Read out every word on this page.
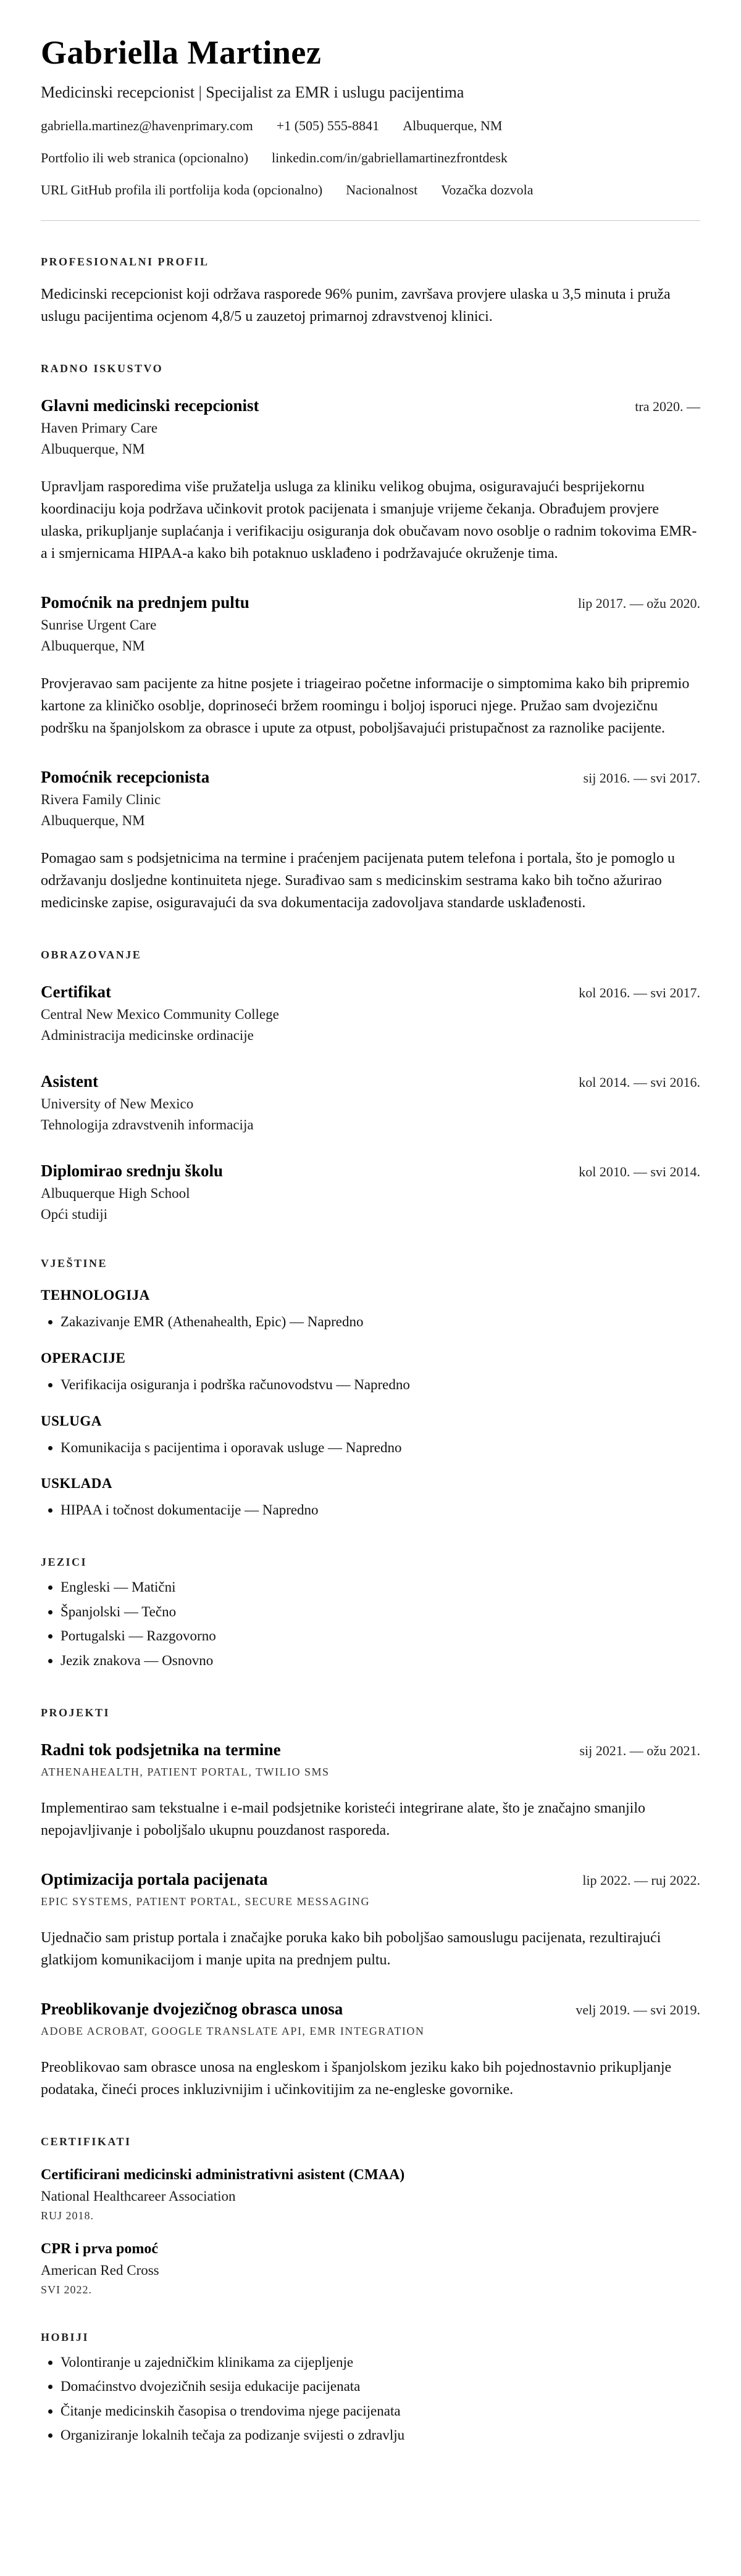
Gabriella Martinez

Medicinski recepcionist | Specijalist za EMR i uslugu pacijentima

gabriella.martinez@havenprimary.com +1 (505) 555-8841 Albuquerque, NM
Portfolio ili web stranica (opcionalno) linkedin.com/in/gabriellamartinezfrontdesk
URL GitHub profila ili portfolija koda (opcionalno) Nacionalnost Vozačka dozvola
PROFESIONALNI PROFIL

Medicinski recepcionist koji održava rasporede 96% punim, završava provjere ulaska u 3,5 minuta i pruža uslugu pacijentima ocjenom 4,8/5 u zauzetoj primarnoj zdravstvenoj klinici.

RADNO ISKUSTVO
Glavni medicinski recepcionist	tra 2020. —

Haven Primary Care

Albuquerque, NM

Upravljam rasporedima više pružatelja usluga za kliniku velikog obujma, osiguravajući besprijekornu koordinaciju koja podržava učinkovit protok pacijenata i smanjuje vrijeme čekanja. Obrađujem provjere ulaska, prikupljanje suplaćanja i verifikaciju osiguranja dok obučavam novo osoblje o radnim tokovima EMR-a i smjernicama HIPAA-a kako bih potaknuo usklađeno i podržavajuće okruženje tima.

Pomoćnik na prednjem pultu	lip 2017. — ožu 2020.

Sunrise Urgent Care

Albuquerque, NM

Provjeravao sam pacijente za hitne posjete i triageirao početne informacije o simptomima kako bih pripremio kartone za kliničko osoblje, doprinoseći bržem roomingu i boljoj isporuci njege. Pružao sam dvojezičnu podršku na španjolskom za obrasce i upute za otpust, poboljšavajući pristupačnost za raznolike pacijente.

Pomoćnik recepcionista	sij 2016. — svi 2017.

Rivera Family Clinic

Albuquerque, NM

Pomagao sam s podsjetnicima na termine i praćenjem pacijenata putem telefona i portala, što je pomoglo u održavanju dosljedne kontinuiteta njege. Surađivao sam s medicinskim sestrama kako bih točno ažurirao medicinske zapise, osiguravajući da sva dokumentacija zadovoljava standarde usklađenosti.

OBRAZOVANJE
Certifikat	kol 2016. — svi 2017.

Central New Mexico Community College

Administracija medicinske ordinacije

Asistent	kol 2014. — svi 2016.

University of New Mexico

Tehnologija zdravstvenih informacija

Diplomirao srednju školu	kol 2010. — svi 2014.

Albuquerque High School

Opći studiji

VJEŠTINE
TEHNOLOGIJA
• Zakazivanje EMR (Athenahealth, Epic) — Napredno
OPERACIJE
• Verifikacija osiguranja i podrška računovodstvu — Napredno
USLUGA
• Komunikacija s pacijentima i oporavak usluge — Napredno
USKLADA
• HIPAA i točnost dokumentacije — Napredno
JEZICI
• Engleski — Matični
• Španjolski — Tečno
• Portugalski — Razgovorno
• Jezik znakova — Osnovno
PROJEKTI
Radni tok podsjetnika na termine	sij 2021. — ožu 2021.

ATHENAHEALTH, PATIENT PORTAL, TWILIO SMS

Implementirao sam tekstualne i e-mail podsjetnike koristeći integrirane alate, što je značajno smanjilo nepojavljivanje i poboljšalo ukupnu pouzdanost rasporeda.

Optimizacija portala pacijenata	lip 2022. — ruj 2022.

EPIC SYSTEMS, PATIENT PORTAL, SECURE MESSAGING

Ujednačio sam pristup portala i značajke poruka kako bih poboljšao samouslugu pacijenata, rezultirajući glatkijom komunikacijom i manje upita na prednjem pultu.

Preoblikovanje dvojezičnog obrasca unosa	velj 2019. — svi 2019.

ADOBE ACROBAT, GOOGLE TRANSLATE API, EMR INTEGRATION

Preoblikovao sam obrasce unosa na engleskom i španjolskom jeziku kako bih pojednostavnio prikupljanje podataka, čineći proces inkluzivnijim i učinkovitijim za ne-engleske govornike.

CERTIFIKATI
Certificirani medicinski administrativni asistent (CMAA)

National Healthcareer Association

RUJ 2018.

CPR i prva pomoć

American Red Cross

SVI 2022.

HOBIJI
• Volontiranje u zajedničkim klinikama za cijepljenje
• Domaćinstvo dvojezičnih sesija edukacije pacijenata
• Čitanje medicinskih časopisa o trendovima njege pacijenata
• Organiziranje lokalnih tečaja za podizanje svijesti o zdravlju
